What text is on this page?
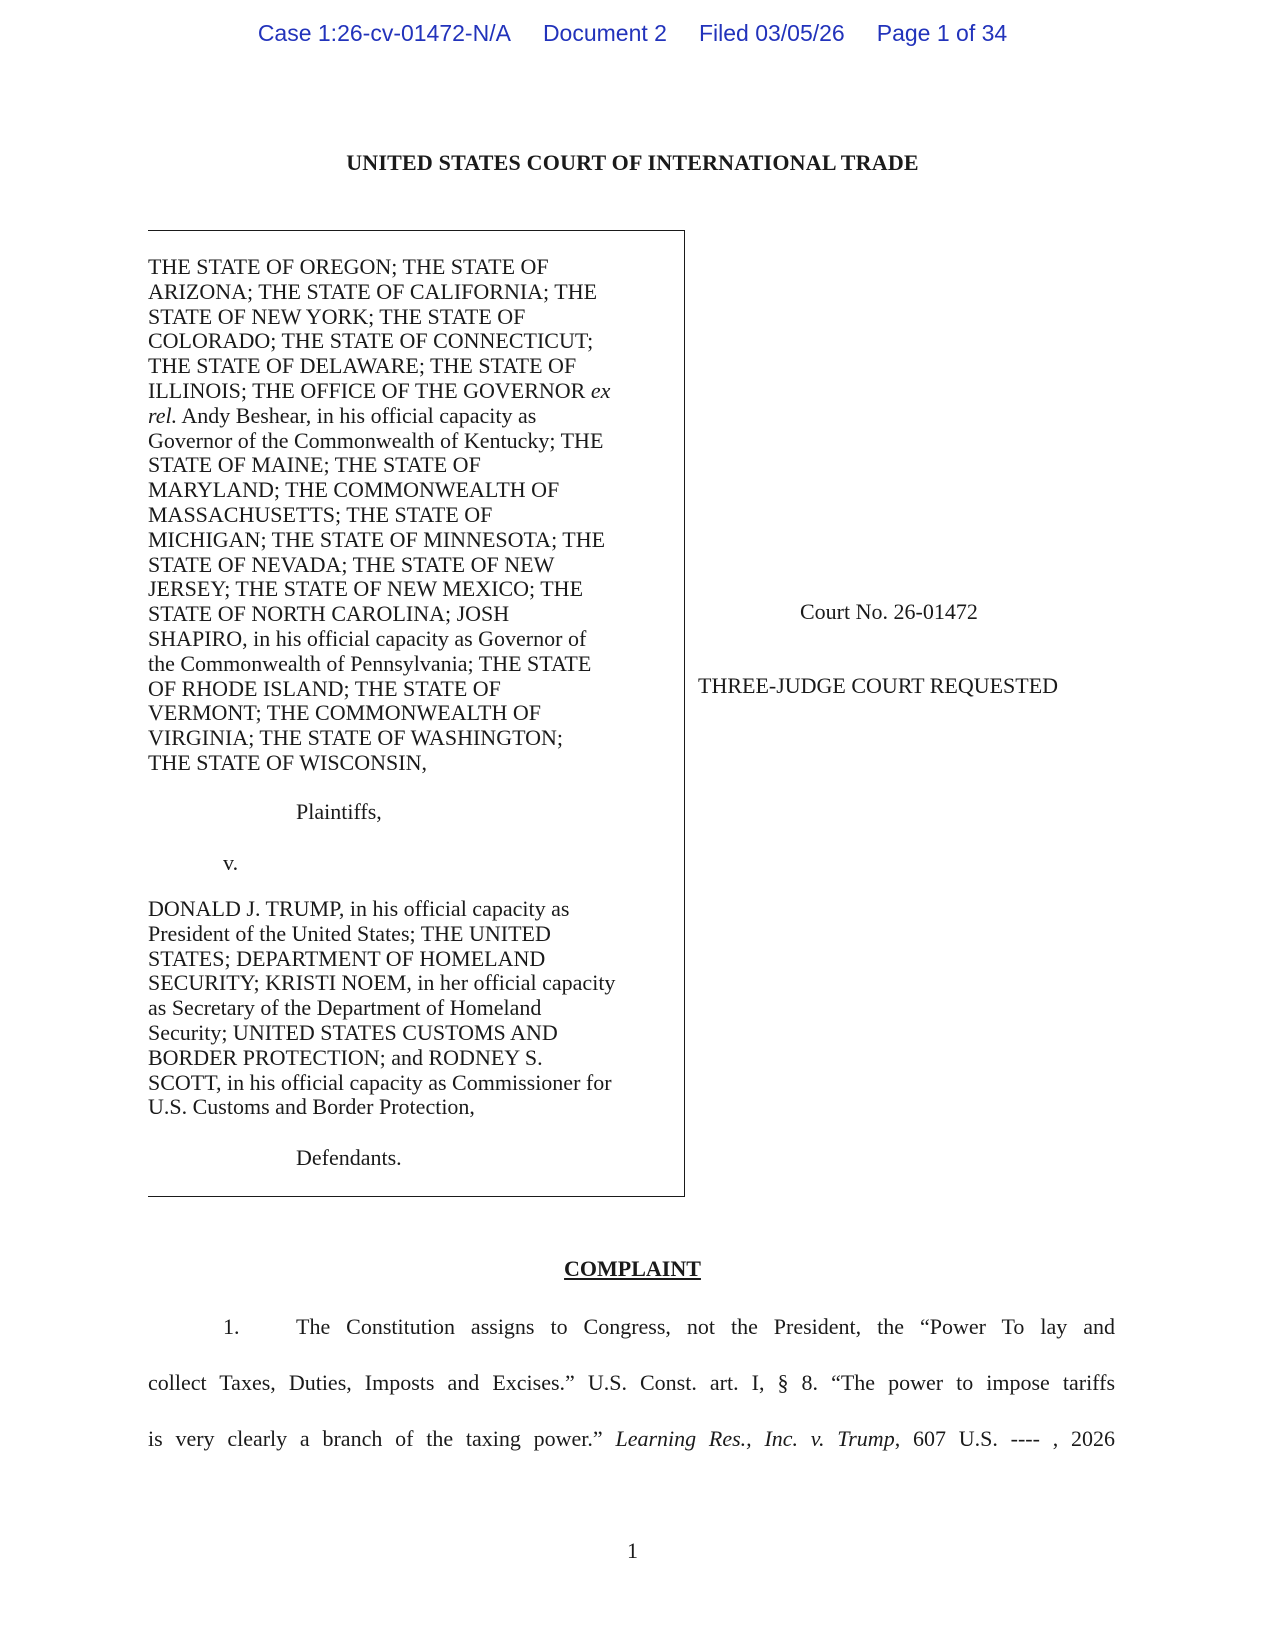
Case 1:26-cv-01472-N/A Document 2 Filed 03/05/26 Page 1 of 34
UNITED STATES COURT OF INTERNATIONAL TRADE
THE STATE OF OREGON; THE STATE OF
ARIZONA; THE STATE OF CALIFORNIA; THE
STATE OF NEW YORK; THE STATE OF
COLORADO; THE STATE OF CONNECTICUT;
THE STATE OF DELAWARE; THE STATE OF
ILLINOIS; THE OFFICE OF THE GOVERNOR ex
rel. Andy Beshear, in his official capacity as
Governor of the Commonwealth of Kentucky; THE
STATE OF MAINE; THE STATE OF
MARYLAND; THE COMMONWEALTH OF
MASSACHUSETTS; THE STATE OF
MICHIGAN; THE STATE OF MINNESOTA; THE
STATE OF NEVADA; THE STATE OF NEW
JERSEY; THE STATE OF NEW MEXICO; THE
STATE OF NORTH CAROLINA; JOSH
SHAPIRO, in his official capacity as Governor of
the Commonwealth of Pennsylvania; THE STATE
OF RHODE ISLAND; THE STATE OF
VERMONT; THE COMMONWEALTH OF
VIRGINIA; THE STATE OF WASHINGTON;
THE STATE OF WISCONSIN,
Plaintiffs,
v.
DONALD J. TRUMP, in his official capacity as
President of the United States; THE UNITED
STATES; DEPARTMENT OF HOMELAND
SECURITY; KRISTI NOEM, in her official capacity
as Secretary of the Department of Homeland
Security; UNITED STATES CUSTOMS AND
BORDER PROTECTION; and RODNEY S.
SCOTT, in his official capacity as Commissioner for
U.S. Customs and Border Protection,
Defendants.
Court No. 26-01472
THREE-JUDGE COURT REQUESTED
COMPLAINT
1.	The Constitution assigns to Congress, not the President, the “Power To lay and
collect Taxes, Duties, Imposts and Excises.” U.S. Const. art. I, § 8. “The power to impose tariffs
is very clearly a branch of the taxing power.” Learning Res., Inc. v. Trump, 607 U.S. ---- , 2026
1
